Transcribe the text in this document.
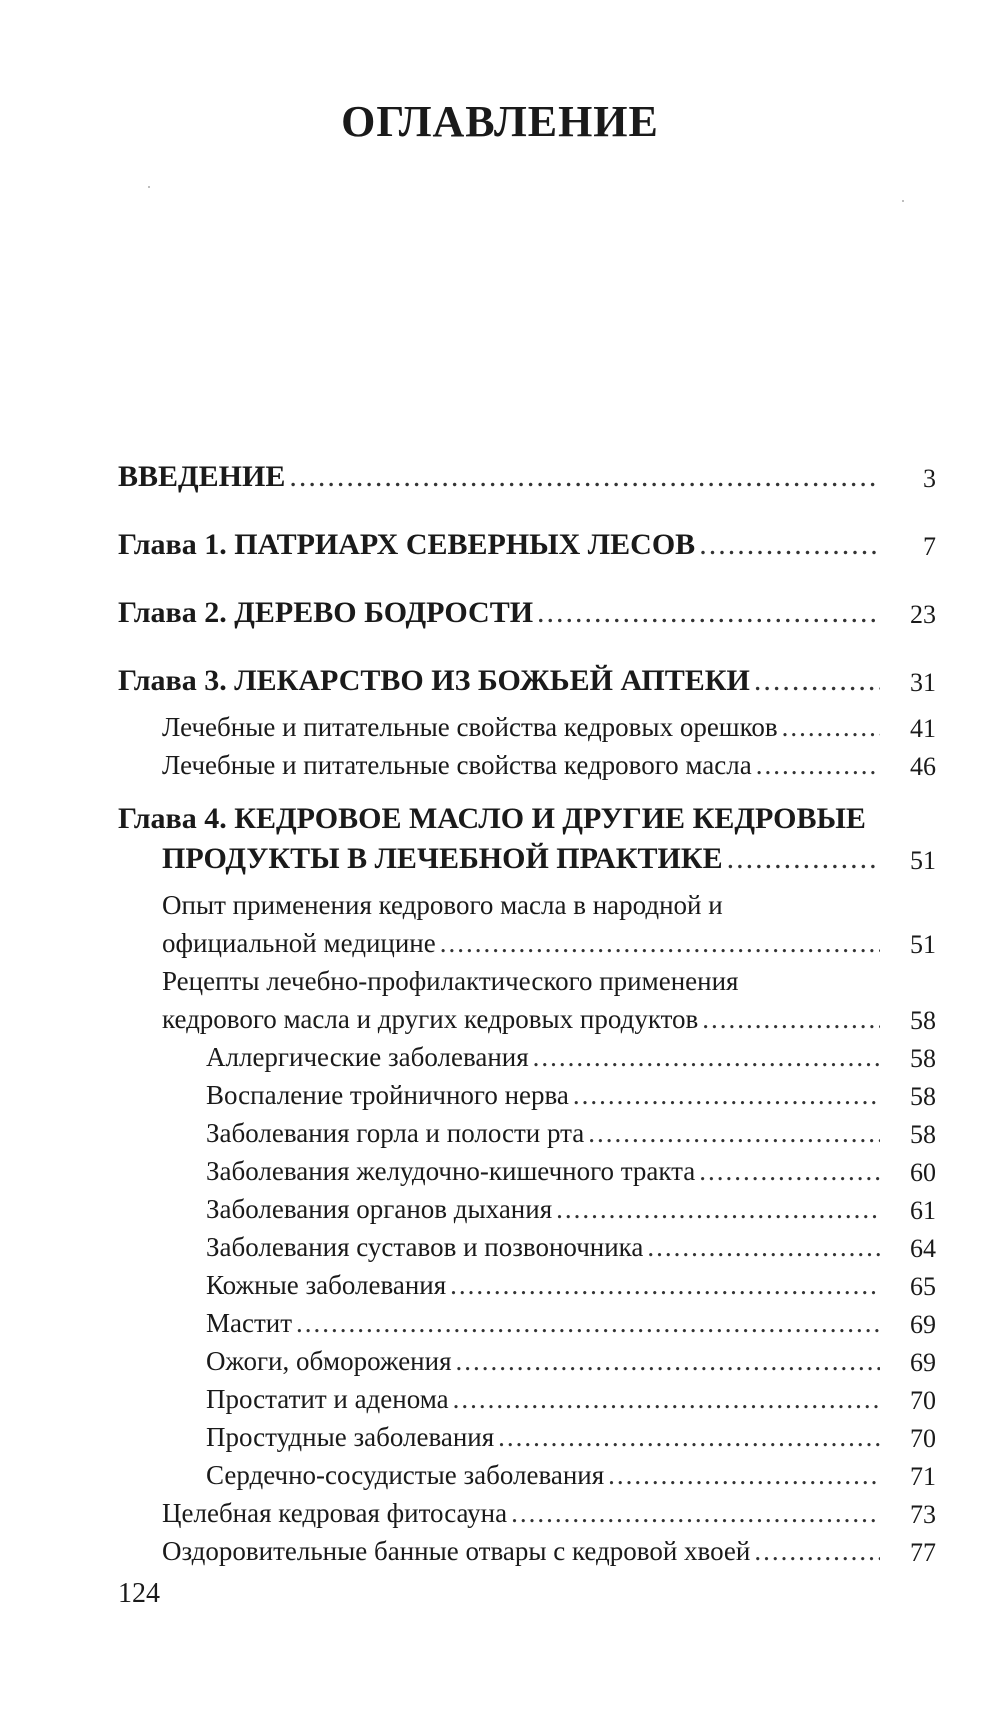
ОГЛАВЛЕНИЕ
ВВЕДЕНИЕ .....	3
Глава 1. ПАТРИАРХ СЕВЕРНЫХ ЛЕСОВ .....	7
Глава 2. ДЕРЕВО БОДРОСТИ .....	23
Глава 3. ЛЕКАРСТВО ИЗ БОЖЬЕЙ АПТЕКИ .....	31
Лечебные и питательные свойства кедровых орешков .....	41
Лечебные и питательные свойства кедрового масла .....	46
Глава 4. КЕДРОВОЕ МАСЛО И ДРУГИЕ КЕДРОВЫЕ
ПРОДУКТЫ В ЛЕЧЕБНОЙ ПРАКТИКЕ .....	51
Опыт применения кедрового масла в народной и
официальной медицине .....	51
Рецепты лечебно-профилактического применения
кедрового масла и других кедровых продуктов .....	58
Аллергические заболевания .....	58
Воспаление тройничного нерва .....	58
Заболевания горла и полости рта .....	58
Заболевания желудочно-кишечного тракта .....	60
Заболевания органов дыхания .....	61
Заболевания суставов и позвоночника .....	64
Кожные заболевания .....	65
Мастит .....	69
Ожоги, обморожения .....	69
Простатит и аденома .....	70
Простудные заболевания .....	70
Сердечно-сосудистые заболевания .....	71
Целебная кедровая фитосауна .....	73
Оздоровительные банные отвары с кедровой хвоей .....	77
124
